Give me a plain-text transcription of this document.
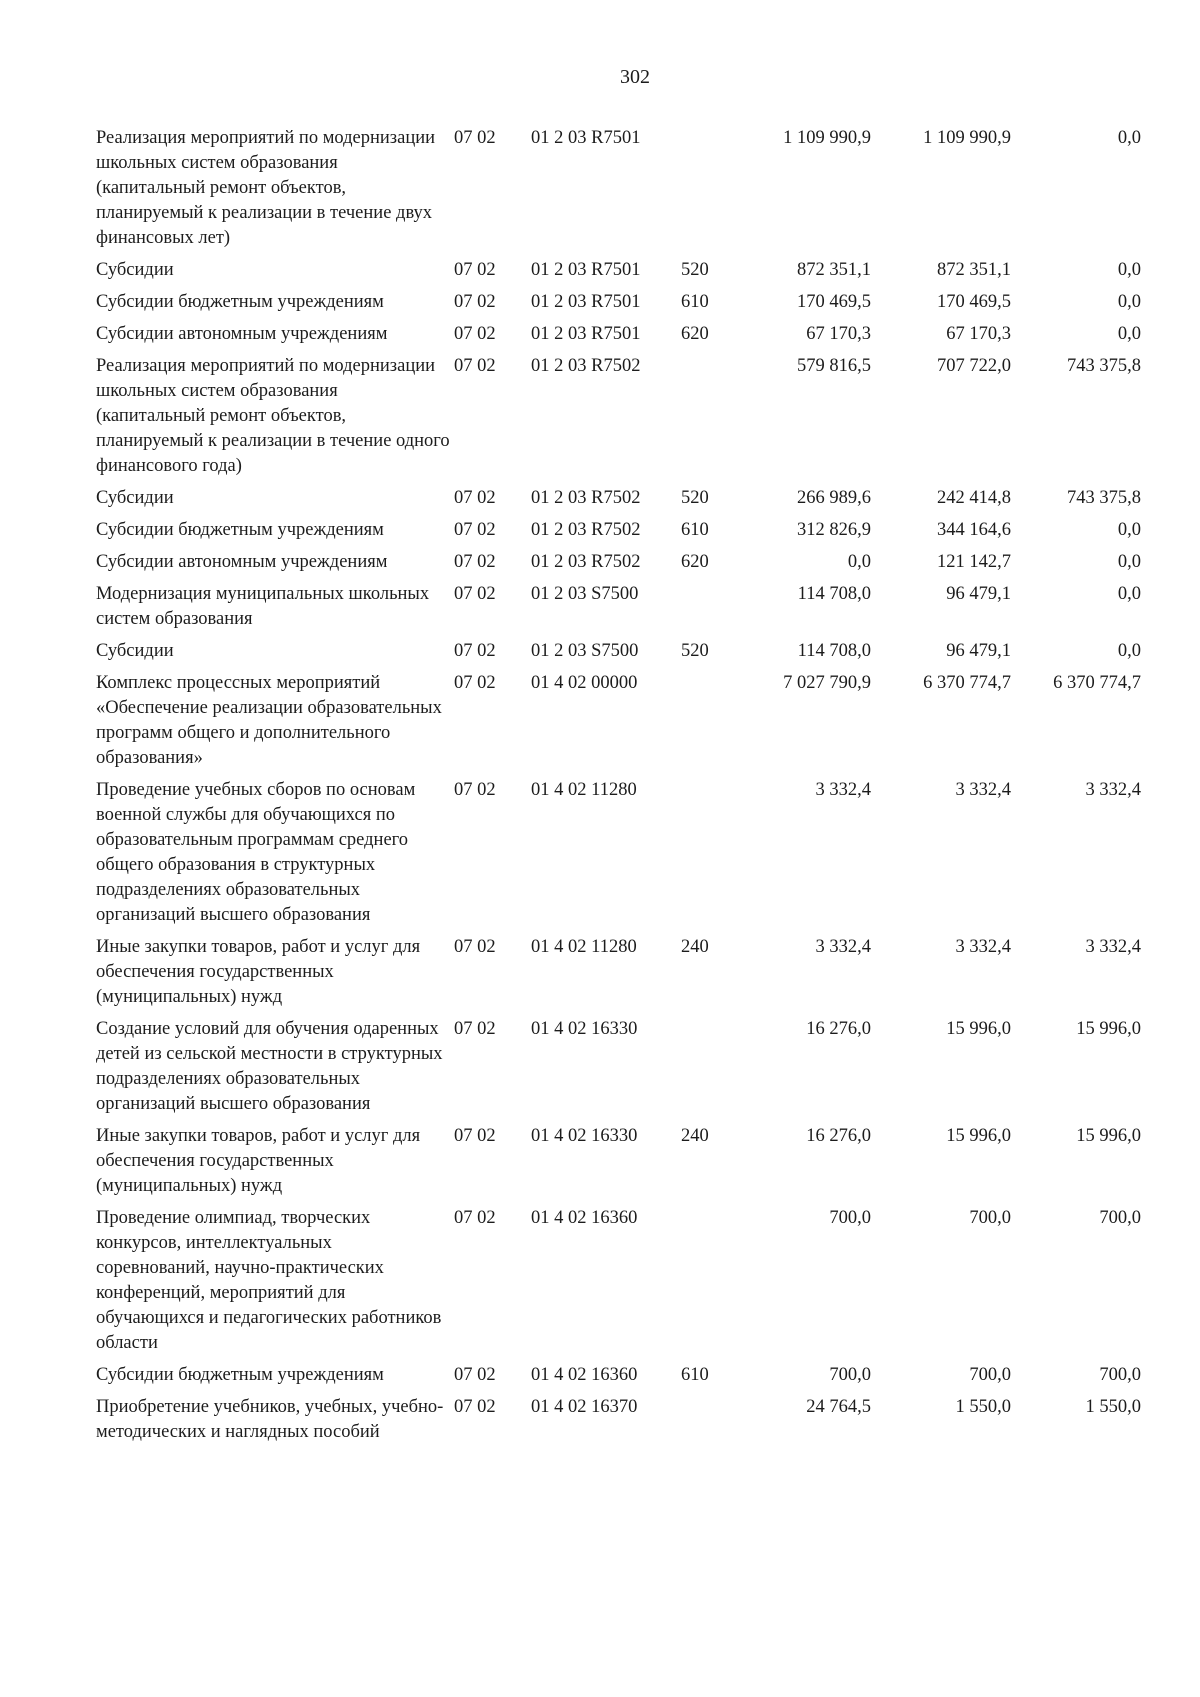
302
Реализация мероприятий по модернизации школьных систем образования (капитальный ремонт объектов, планируемый к реализации в течение двух финансовых лет)	07 02	01 2 03 R7501		1 109 990,9	1 109 990,9	0,0
Субсидии	07 02	01 2 03 R7501	520	872 351,1	872 351,1	0,0
Субсидии бюджетным учреждениям	07 02	01 2 03 R7501	610	170 469,5	170 469,5	0,0
Субсидии автономным учреждениям	07 02	01 2 03 R7501	620	67 170,3	67 170,3	0,0
Реализация мероприятий по модернизации школьных систем образования (капитальный ремонт объектов, планируемый к реализации в течение одного финансового года)	07 02	01 2 03 R7502		579 816,5	707 722,0	743 375,8
Субсидии	07 02	01 2 03 R7502	520	266 989,6	242 414,8	743 375,8
Субсидии бюджетным учреждениям	07 02	01 2 03 R7502	610	312 826,9	344 164,6	0,0
Субсидии автономным учреждениям	07 02	01 2 03 R7502	620	0,0	121 142,7	0,0
Модернизация муниципальных школьных систем образования	07 02	01 2 03 S7500		114 708,0	96 479,1	0,0
Субсидии	07 02	01 2 03 S7500	520	114 708,0	96 479,1	0,0
Комплекс процессных мероприятий «Обеспечение реализации образовательных программ общего и дополнительного образования»	07 02	01 4 02 00000		7 027 790,9	6 370 774,7	6 370 774,7
Проведение учебных сборов по основам военной службы для обучающихся по образовательным программам среднего общего образования в структурных подразделениях образовательных организаций высшего образования	07 02	01 4 02 11280		3 332,4	3 332,4	3 332,4
Иные закупки товаров, работ и услуг для обеспечения государственных (муниципальных) нужд	07 02	01 4 02 11280	240	3 332,4	3 332,4	3 332,4
Создание условий для обучения одаренных детей из сельской местности в структурных подразделениях образовательных организаций высшего образования	07 02	01 4 02 16330		16 276,0	15 996,0	15 996,0
Иные закупки товаров, работ и услуг для обеспечения государственных (муниципальных) нужд	07 02	01 4 02 16330	240	16 276,0	15 996,0	15 996,0
Проведение олимпиад, творческих конкурсов, интеллектуальных соревнований, научно-практических конференций, мероприятий для обучающихся и педагогических работников области	07 02	01 4 02 16360		700,0	700,0	700,0
Субсидии бюджетным учреждениям	07 02	01 4 02 16360	610	700,0	700,0	700,0
Приобретение учебников, учебных, учебно-методических и наглядных пособий	07 02	01 4 02 16370		24 764,5	1 550,0	1 550,0
